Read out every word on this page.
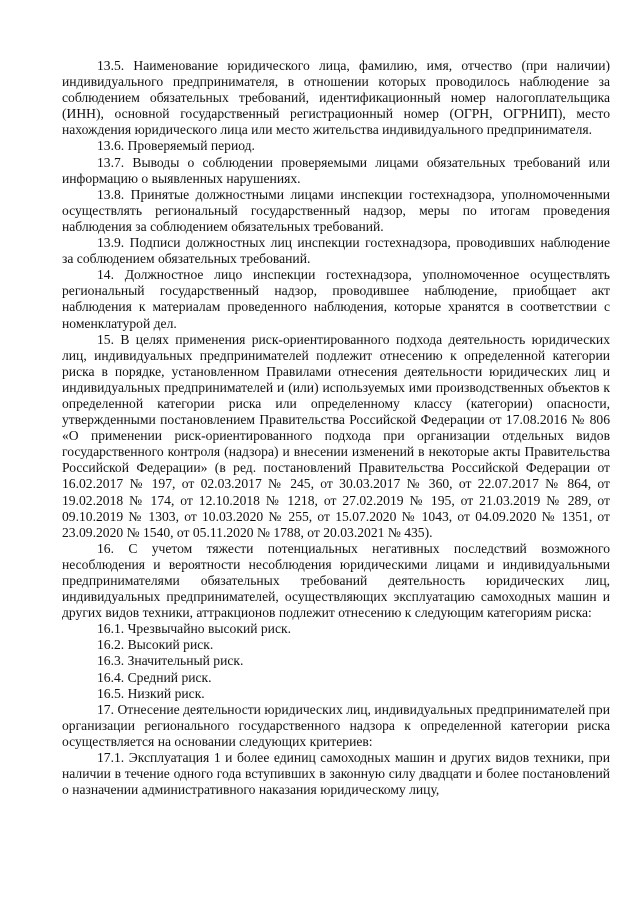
13.5. Наименование юридического лица, фамилию, имя, отчество (при наличии) индивидуального предпринимателя, в отношении которых проводилось наблюдение за соблюдением обязательных требований, идентификационный номер налогоплательщика (ИНН), основной государственный регистрационный номер (ОГРН, ОГРНИП), место нахождения юридического лица или место жительства индивидуального предпринимателя.

13.6. Проверяемый период.

13.7. Выводы о соблюдении проверяемыми лицами обязательных требований или информацию о выявленных нарушениях.

13.8. Принятые должностными лицами инспекции гостехнадзора, уполномоченными осуществлять региональный государственный надзор, меры по итогам проведения наблюдения за соблюдением обязательных требований.

13.9. Подписи должностных лиц инспекции гостехнадзора, проводивших наблюдение за соблюдением обязательных требований.

14. Должностное лицо инспекции гостехнадзора, уполномоченное осуществлять региональный государственный надзор, проводившее наблюдение, приобщает акт наблюдения к материалам проведенного наблюдения, которые хранятся в соответствии с номенклатурой дел.

15. В целях применения риск-ориентированного подхода деятельность юридических лиц, индивидуальных предпринимателей подлежит отнесению к определенной категории риска в порядке, установленном Правилами отнесения деятельности юридических лиц и индивидуальных предпринимателей и (или) используемых ими производственных объектов к определенной категории риска или определенному классу (категории) опасности, утвержденными постановлением Правительства Российской Федерации от 17.08.2016 № 806 «О применении риск-ориентированного подхода при организации отдельных видов государственного контроля (надзора) и внесении изменений в некоторые акты Правительства Российской Федерации» (в ред. постановлений Правительства Российской Федерации от 16.02.2017 № 197, от 02.03.2017 № 245, от 30.03.2017 № 360, от 22.07.2017 № 864, от 19.02.2018 № 174, от 12.10.2018 № 1218, от 27.02.2019 № 195, от 21.03.2019 № 289, от 09.10.2019 № 1303, от 10.03.2020 № 255, от 15.07.2020 № 1043, от 04.09.2020 № 1351, от 23.09.2020 № 1540, от 05.11.2020 № 1788, от 20.03.2021 № 435).

16. С учетом тяжести потенциальных негативных последствий возможного несоблюдения и вероятности несоблюдения юридическими лицами и индивидуальными предпринимателями обязательных требований деятельность юридических лиц, индивидуальных предпринимателей, осуществляющих эксплуатацию самоходных машин и других видов техники, аттракционов подлежит отнесению к следующим категориям риска:

16.1. Чрезвычайно высокий риск.

16.2. Высокий риск.

16.3. Значительный риск.

16.4. Средний риск.

16.5. Низкий риск.

17. Отнесение деятельности юридических лиц, индивидуальных предпринимателей при организации регионального государственного надзора к определенной категории риска осуществляется на основании следующих критериев:

17.1. Эксплуатация 1 и более единиц самоходных машин и других видов техники, при наличии в течение одного года вступивших в законную силу двадцати и более постановлений о назначении административного наказания юридическому лицу,
